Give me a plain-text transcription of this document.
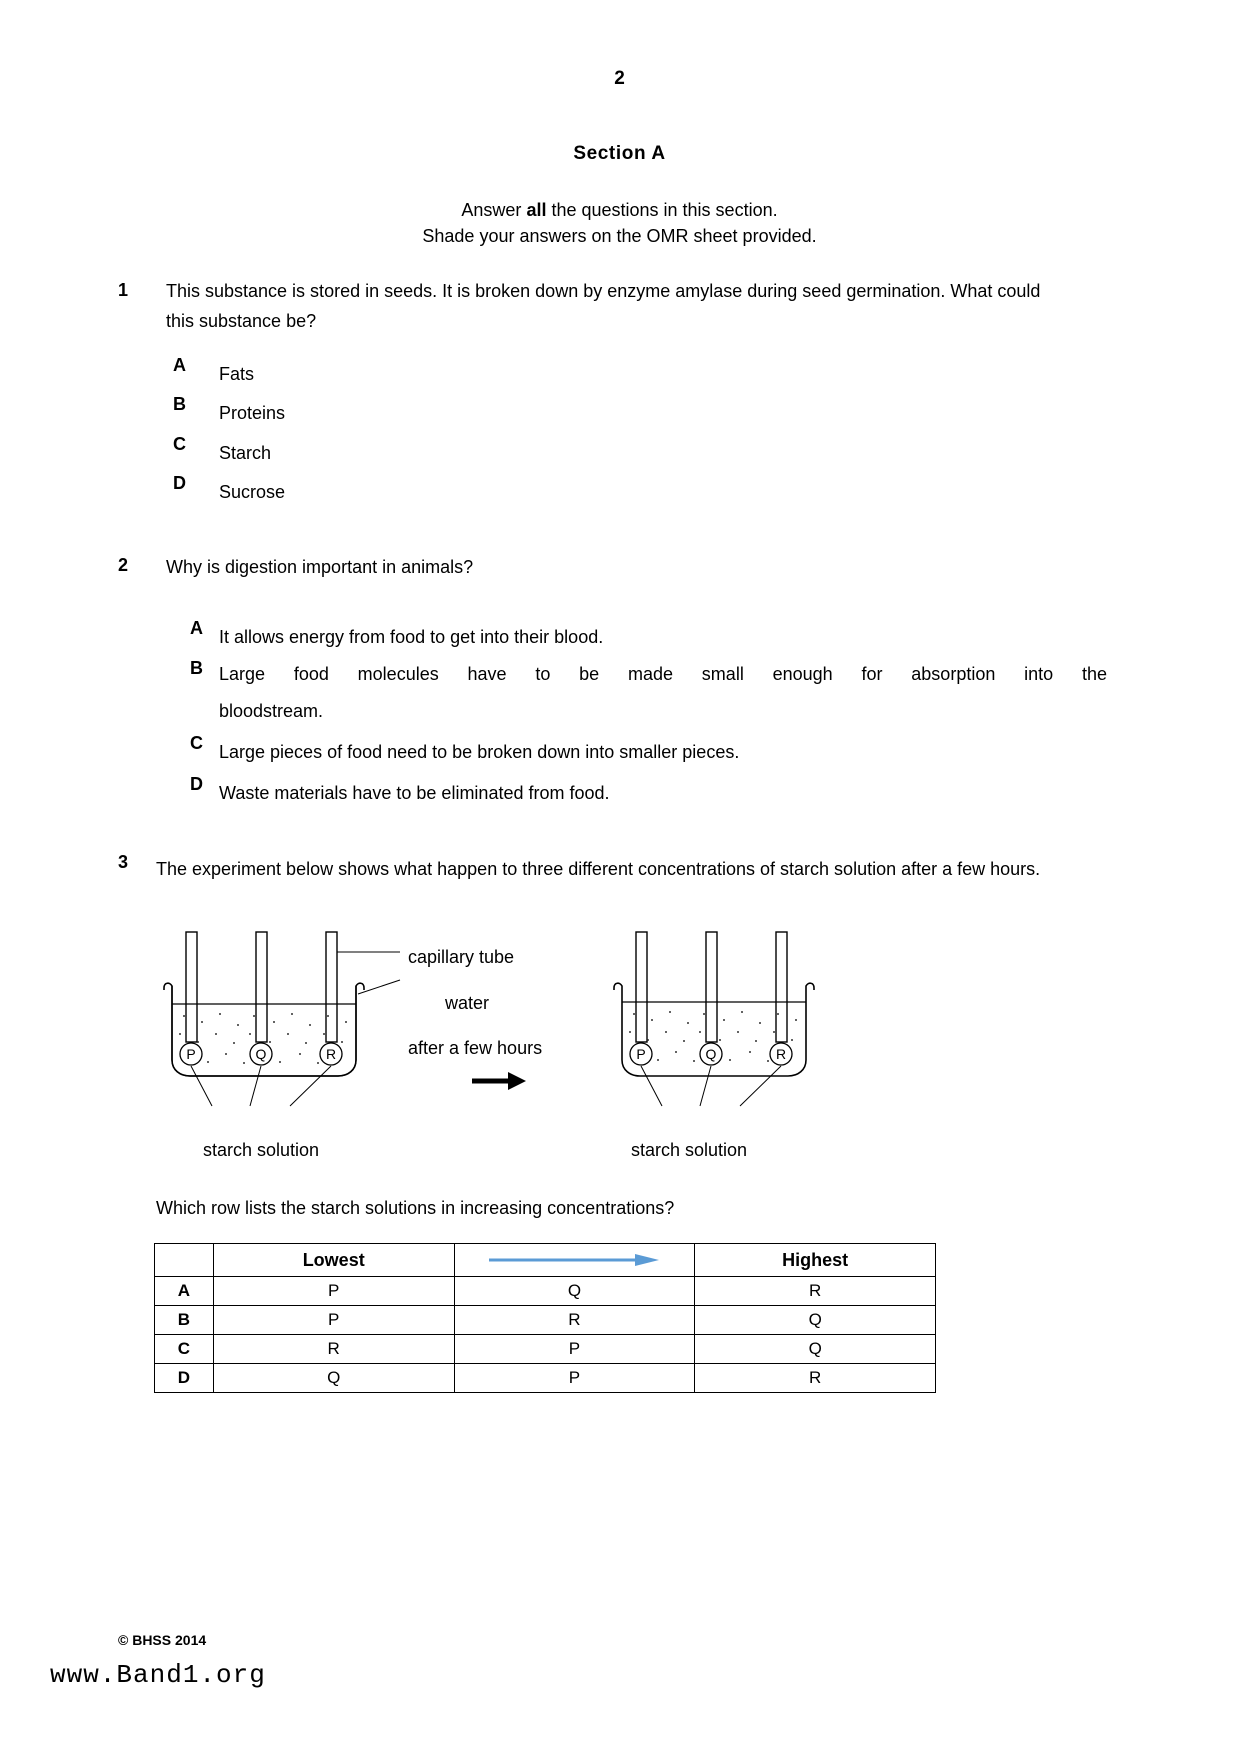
2
Section A
Answer all the questions in this section.
Shade your answers on the OMR sheet provided.
1 This substance is stored in seeds. It is broken down by enzyme amylase during seed germination. What could this substance be?
A Fats
B Proteins
C Starch
D Sucrose
2 Why is digestion important in animals?
A It allows energy from food to get into their blood.
B Large food molecules have to be made small enough for absorption into the
bloodstream.
C Large pieces of food need to be broken down into smaller pieces.
D Waste materials have to be eliminated from food.
3 The experiment below shows what happen to three different concentrations of starch solution after a few hours.
P	Q	R	P	Q	R
capillary tube
water
after a few hours
starch solution	starch solution
Which row lists the starch solutions in increasing concentrations?
	Lowest		Highest
A	P	Q	R
B	P	R	Q
C	R	P	Q
D	Q	P	R
© BHSS 2014
www.Band1.org
